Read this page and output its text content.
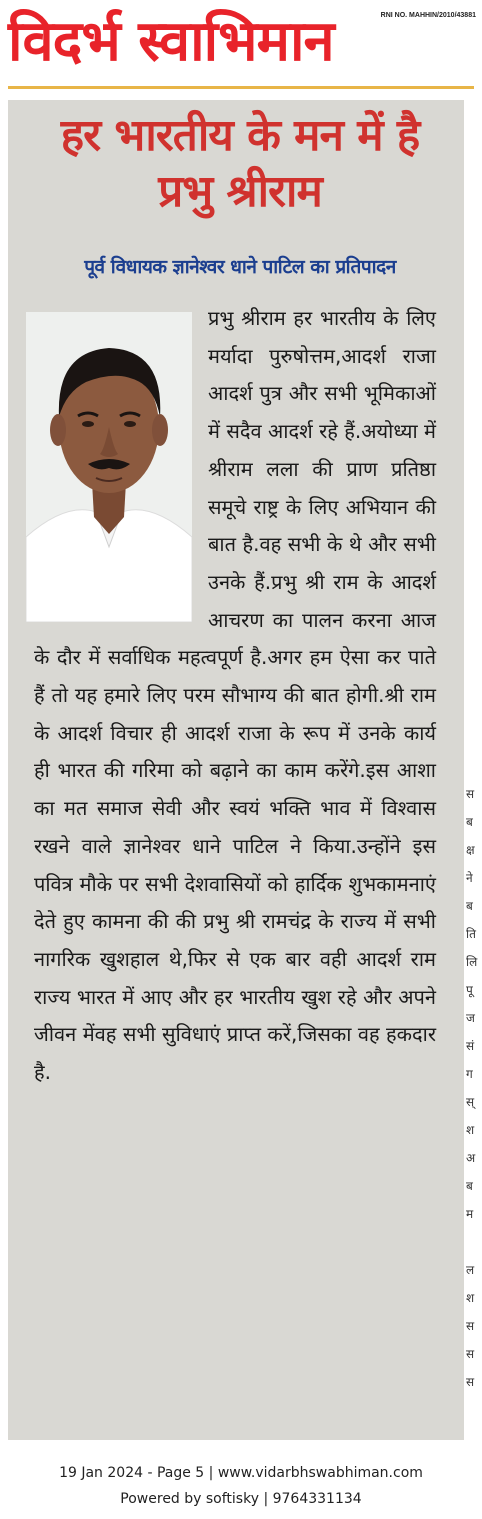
विदर्भ स्वाभिमान	RNI NO. MAHHIN/2010/43881
हर भारतीय के मन में है प्रभु श्रीराम
पूर्व विधायक ज्ञानेश्वर धाने पाटिल का प्रतिपादन
प्रभु श्रीराम हर भारतीय के लिए मर्यादा पुरुषोत्तम,आदर्श राजा आदर्श पुत्र और सभी भूमिकाओं में सदैव आदर्श रहे हैं.अयोध्या में श्रीराम लला की प्राण प्रतिष्ठा समूचे राष्ट्र के लिए अभियान की बात है.वह सभी के थे और सभी उनके हैं.प्रभु श्री राम के आदर्श आचरण का पालन करना आज के दौर में सर्वाधिक महत्वपूर्ण है.अगर हम ऐसा कर पाते हैं तो यह हमारे लिए परम सौभाग्य की बात होगी.श्री राम के आदर्श विचार ही आदर्श राजा के रूप में उनके कार्य ही भारत की गरिमा को बढ़ाने का काम करेंगे.इस आशा का मत समाज सेवी और स्वयं भक्ति भाव में विश्वास रखने वाले ज्ञानेश्वर धाने पाटिल ने किया.उन्होंने इस पवित्र मौके पर सभी देशवासियों को हार्दिक शुभकामनाएं देते हुए कामना की की प्रभु श्री रामचंद्र के राज्य में सभी नागरिक खुशहाल थे,फिर से एक बार वही आदर्श राम राज्य भारत में आए और हर भारतीय खुश रहे और अपने जीवन मेंवह सभी सुविधाएं प्राप्त करें,जिसका वह हकदार है.
स
ब
क्ष
ने
ब
ति
लि
पू
ज
सं
ग
स्
श
अ
ब
म

ल
श
स
स
स
19 Jan 2024 - Page 5 | www.vidarbhswabhiman.com
Powered by softisky | 9764331134
